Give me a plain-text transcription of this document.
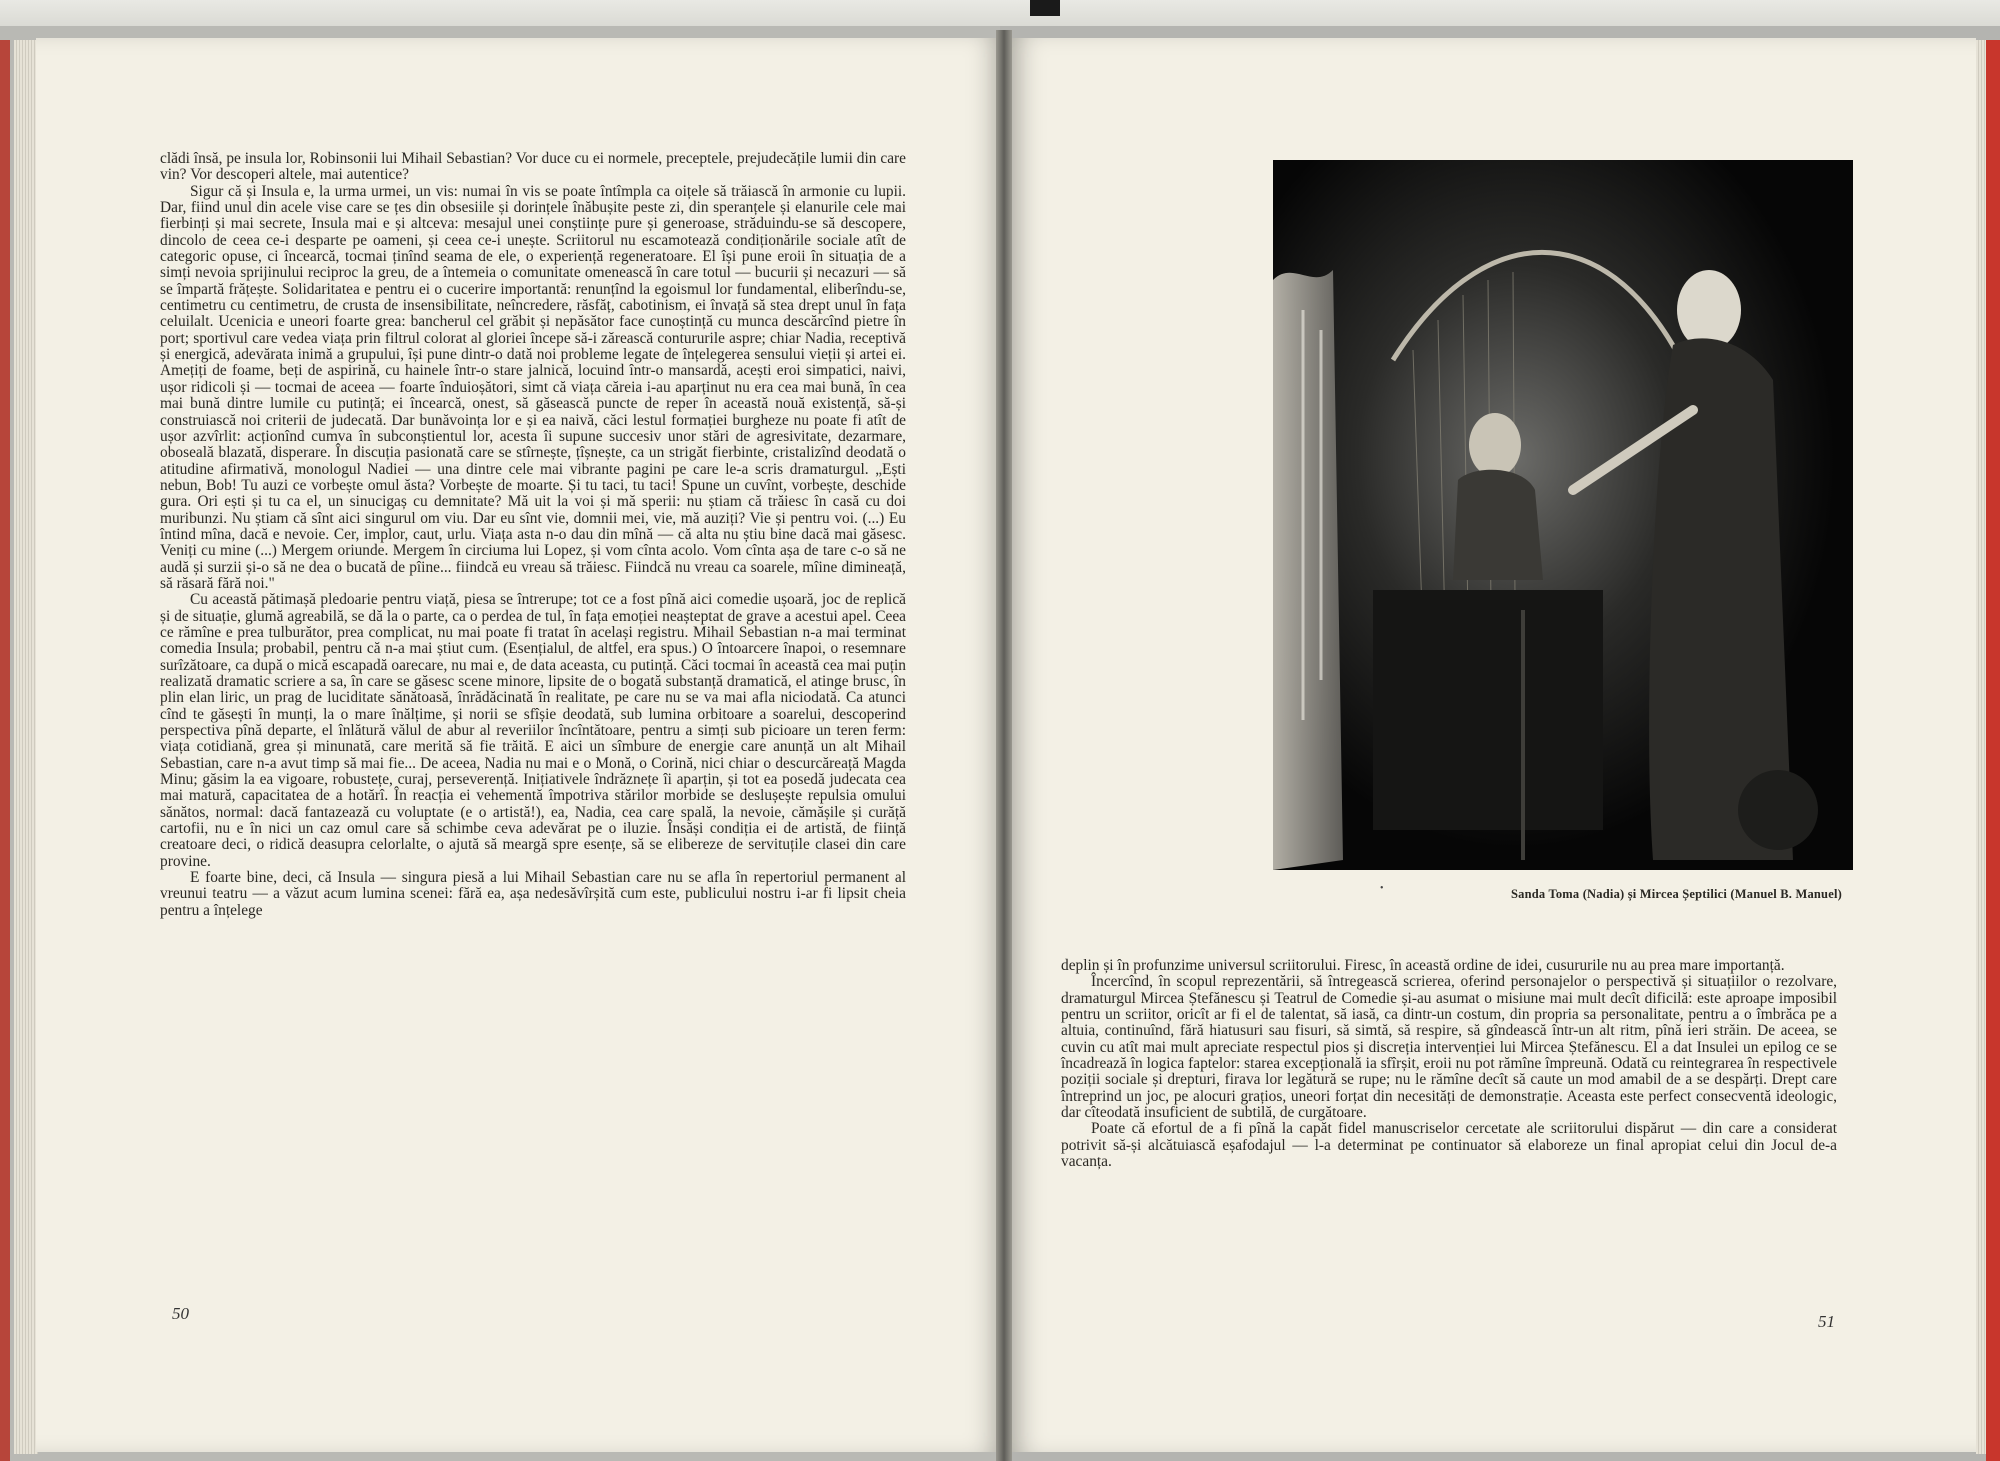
clădi însă, pe insula lor, Robinsonii lui Mihail Sebastian? Vor duce cu ei normele, preceptele, prejudecățile lumii din care vin? Vor descoperi altele, mai autentice?

Sigur că și Insula e, la urma urmei, un vis: numai în vis se poate întîmpla ca oițele să trăiască în armonie cu lupii. Dar, fiind unul din acele vise care se țes din obsesiile și dorințele înăbușite peste zi, din speranțele și elanurile cele mai fierbinți și mai secrete, Insula mai e și altceva: mesajul unei conștiințe pure și generoase, străduindu-se să descopere, dincolo de ceea ce-i desparte pe oameni, și ceea ce-i unește. Scriitorul nu escamotează condiționările sociale atît de categoric opuse, ci încearcă, tocmai ținînd seama de ele, o experiență regeneratoare. El își pune eroii în situația de a simți nevoia sprijinului reciproc la greu, de a întemeia o comunitate omenească în care totul — bucurii și necazuri — să se împartă frățește. Solidaritatea e pentru ei o cucerire importantă: renunțînd la egoismul lor fundamental, eliberîndu-se, centimetru cu centimetru, de crusta de insensibilitate, neîncredere, răsfăț, cabotinism, ei învață să stea drept unul în fața celuilalt. Ucenicia e uneori foarte grea: bancherul cel grăbit și nepăsător face cunoștință cu munca descărcînd pietre în port; sportivul care vedea viața prin filtrul colorat al gloriei începe să-i zărească contururile aspre; chiar Nadia, receptivă și energică, adevărata inimă a grupului, își pune dintr-o dată noi probleme legate de înțelegerea sensului vieții și artei ei. Amețiți de foame, beți de aspirină, cu hainele într-o stare jalnică, locuind într-o mansardă, acești eroi simpatici, naivi, ușor ridicoli și — tocmai de aceea — foarte înduioșători, simt că viața căreia i-au aparținut nu era cea mai bună, în cea mai bună dintre lumile cu putință; ei încearcă, onest, să găsească puncte de reper în această nouă existență, să-și construiască noi criterii de judecată. Dar bunăvoința lor e și ea naivă, căci lestul formației burgheze nu poate fi atît de ușor azvîrlit: acționînd cumva în subconștientul lor, acesta îi supune succesiv unor stări de agresivitate, dezarmare, oboseală blazată, disperare. În discuția pasionată care se stîrnește, țîșnește, ca un strigăt fierbinte, cristalizînd deodată o atitudine afirmativă, monologul Nadiei — una dintre cele mai vibrante pagini pe care le-a scris dramaturgul. „Ești nebun, Bob! Tu auzi ce vorbește omul ăsta? Vorbește de moarte. Și tu taci, tu taci! Spune un cuvînt, vorbește, deschide gura. Ori ești și tu ca el, un sinucigaș cu demnitate? Mă uit la voi și mă sperii: nu știam că trăiesc în casă cu doi muribunzi. Nu știam că sînt aici singurul om viu. Dar eu sînt vie, domnii mei, vie, mă auziți? Vie și pentru voi. (...) Eu întind mîna, dacă e nevoie. Cer, implor, caut, urlu. Viața asta n-o dau din mînă — că alta nu știu bine dacă mai găsesc. Veniți cu mine (...) Mergem oriunde. Mergem în circiuma lui Lopez, și vom cînta acolo. Vom cînta așa de tare c-o să ne audă și surzii și-o să ne dea o bucată de pîine... fiindcă eu vreau să trăiesc. Fiindcă nu vreau ca soarele, mîine dimineață, să răsară fără noi."

Cu această pătimașă pledoarie pentru viață, piesa se întrerupe; tot ce a fost pînă aici comedie ușoară, joc de replică și de situație, glumă agreabilă, se dă la o parte, ca o perdea de tul, în fața emoției neașteptat de grave a acestui apel. Ceea ce rămîne e prea tulburător, prea complicat, nu mai poate fi tratat în același registru. Mihail Sebastian n-a mai terminat comedia Insula; probabil, pentru că n-a mai știut cum. (Esențialul, de altfel, era spus.) O întoarcere înapoi, o resemnare surîzătoare, ca după o mică escapadă oarecare, nu mai e, de data aceasta, cu putință. Căci tocmai în această cea mai puțin realizată dramatic scriere a sa, în care se găsesc scene minore, lipsite de o bogată substanță dramatică, el atinge brusc, în plin elan liric, un prag de luciditate sănătoasă, înrădăcinată în realitate, pe care nu se va mai afla niciodată. Ca atunci cînd te găsești în munți, la o mare înălțime, și norii se sfîșie deodată, sub lumina orbitoare a soarelui, descoperind perspectiva pînă departe, el înlătură vălul de abur al reveriilor încîntătoare, pentru a simți sub picioare un teren ferm: viața cotidiană, grea și minunată, care merită să fie trăită. E aici un sîmbure de energie care anunță un alt Mihail Sebastian, care n-a avut timp să mai fie... De aceea, Nadia nu mai e o Monă, o Corină, nici chiar o descurcăreață Magda Minu; găsim la ea vigoare, robustețe, curaj, perseverență. Inițiativele îndrăznețe îi aparțin, și tot ea posedă judecata cea mai matură, capacitatea de a hotărî. În reacția ei vehementă împotriva stărilor morbide se deslușește repulsia omului sănătos, normal: dacă fantazează cu voluptate (e o artistă!), ea, Nadia, cea care spală, la nevoie, cămășile și curăță cartofii, nu e în nici un caz omul care să schimbe ceva adevărat pe o iluzie. Însăși condiția ei de artistă, de ființă creatoare deci, o ridică deasupra celorlalte, o ajută să meargă spre esențe, să se elibereze de servituțile clasei din care provine.

E foarte bine, deci, că Insula — singura piesă a lui Mihail Sebastian care nu se afla în repertoriul permanent al vreunui teatru — a văzut acum lumina scenei: fără ea, așa nedesăvîrșită cum este, publicului nostru i-ar fi lipsit cheia pentru a înțelege

50
•	Sanda Toma (Nadia) și Mircea Șeptilici (Manuel B. Manuel)

deplin și în profunzime universul scriitorului. Firesc, în această ordine de idei, cusururile nu au prea mare importanță.

Încercînd, în scopul reprezentării, să întregească scrierea, oferind personajelor o perspectivă și situațiilor o rezolvare, dramaturgul Mircea Ștefănescu și Teatrul de Comedie și-au asumat o misiune mai mult decît dificilă: este aproape imposibil pentru un scriitor, oricît ar fi el de talentat, să iasă, ca dintr-un costum, din propria sa personalitate, pentru a o îmbrăca pe a altuia, continuînd, fără hiatusuri sau fisuri, să simtă, să respire, să gîndească într-un alt ritm, pînă ieri străin. De aceea, se cuvin cu atît mai mult apreciate respectul pios și discreția intervenției lui Mircea Ștefănescu. El a dat Insulei un epilog ce se încadrează în logica faptelor: starea excepțională ia sfîrșit, eroii nu pot rămîne împreună. Odată cu reintegrarea în respectivele poziții sociale și drepturi, firava lor legătură se rupe; nu le rămîne decît să caute un mod amabil de a se despărți. Drept care întreprind un joc, pe alocuri grațios, uneori forțat din necesități de demonstrație. Aceasta este perfect consecventă ideologic, dar cîteodată insuficient de subtilă, de curgătoare.

Poate că efortul de a fi pînă la capăt fidel manuscriselor cercetate ale scriitorului dispărut — din care a considerat potrivit să-și alcătuiască eșafodajul — l-a determinat pe continuator să elaboreze un final apropiat celui din Jocul de-a vacanța.

51
